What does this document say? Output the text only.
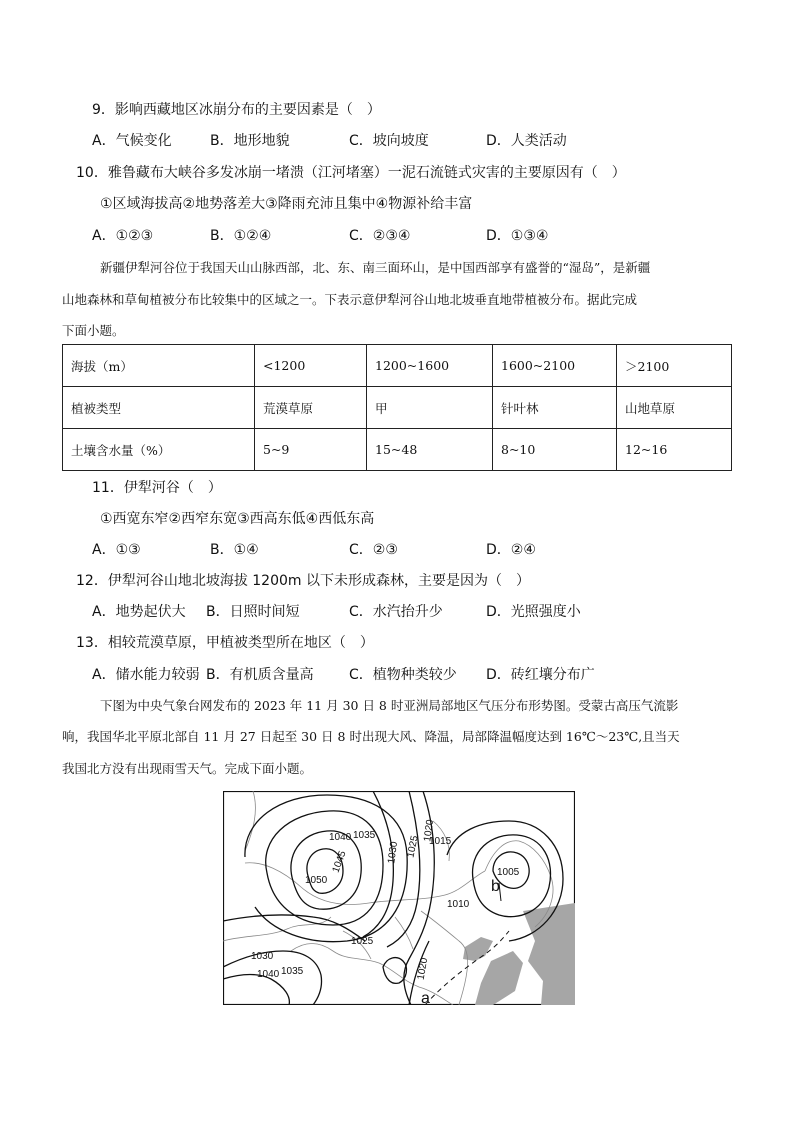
9．影响西藏地区冰崩分布的主要因素是（　）
A．气候变化	B．地形地貌	C．坡向坡度	D．人类活动
10．雅鲁藏布大峡谷多发冰崩一堵溃（江河堵塞）一泥石流链式灾害的主要原因有（　）
①区域海拔高②地势落差大③降雨充沛且集中④物源补给丰富
A．①②③	B．①②④	C．②③④	D．①③④
新疆伊犁河谷位于我国天山山脉西部，北、东、南三面环山，是中国西部享有盛誉的“湿岛”，是新疆
山地森林和草甸植被分布比较集中的区域之一。下表示意伊犁河谷山地北坡垂直地带植被分布。据此完成
下面小题。
海拔（m）	<1200	1200~1600	1600~2100	＞2100
植被类型	荒漠草原	甲	针叶林	山地草原
土壤含水量（%）	5~9	15~48	8~10	12~16
11．伊犁河谷（　）
①西宽东窄②西窄东宽③西高东低④西低东高
A．①③	B．①④	C．②③	D．②④
12．伊犁河谷山地北坡海拔 1200m 以下未形成森林，主要是因为（　）
A．地势起伏大 B．日照时间短	C．水汽抬升少	D．光照强度小
13．相较荒漠草原，甲植被类型所在地区（　）
A．储水能力较弱 B．有机质含量高	C．植物种类较少 D．砖红壤分布广
下图为中央气象台网发布的 2023 年 11 月 30 日 8 时亚洲局部地区气压分布形势图。受蒙古高压气流影
响，我国华北平原北部自 11 月 27 日起至 30 日 8 时出现大风、降温，局部降温幅度达到 16℃～23℃,且当天
我国北方没有出现雨雪天气。完成下面小题。
1050
1045
1040 1035
1030 1025
1020
1015
1010
1005
1025
1020
1030
1040 1035
b
a
